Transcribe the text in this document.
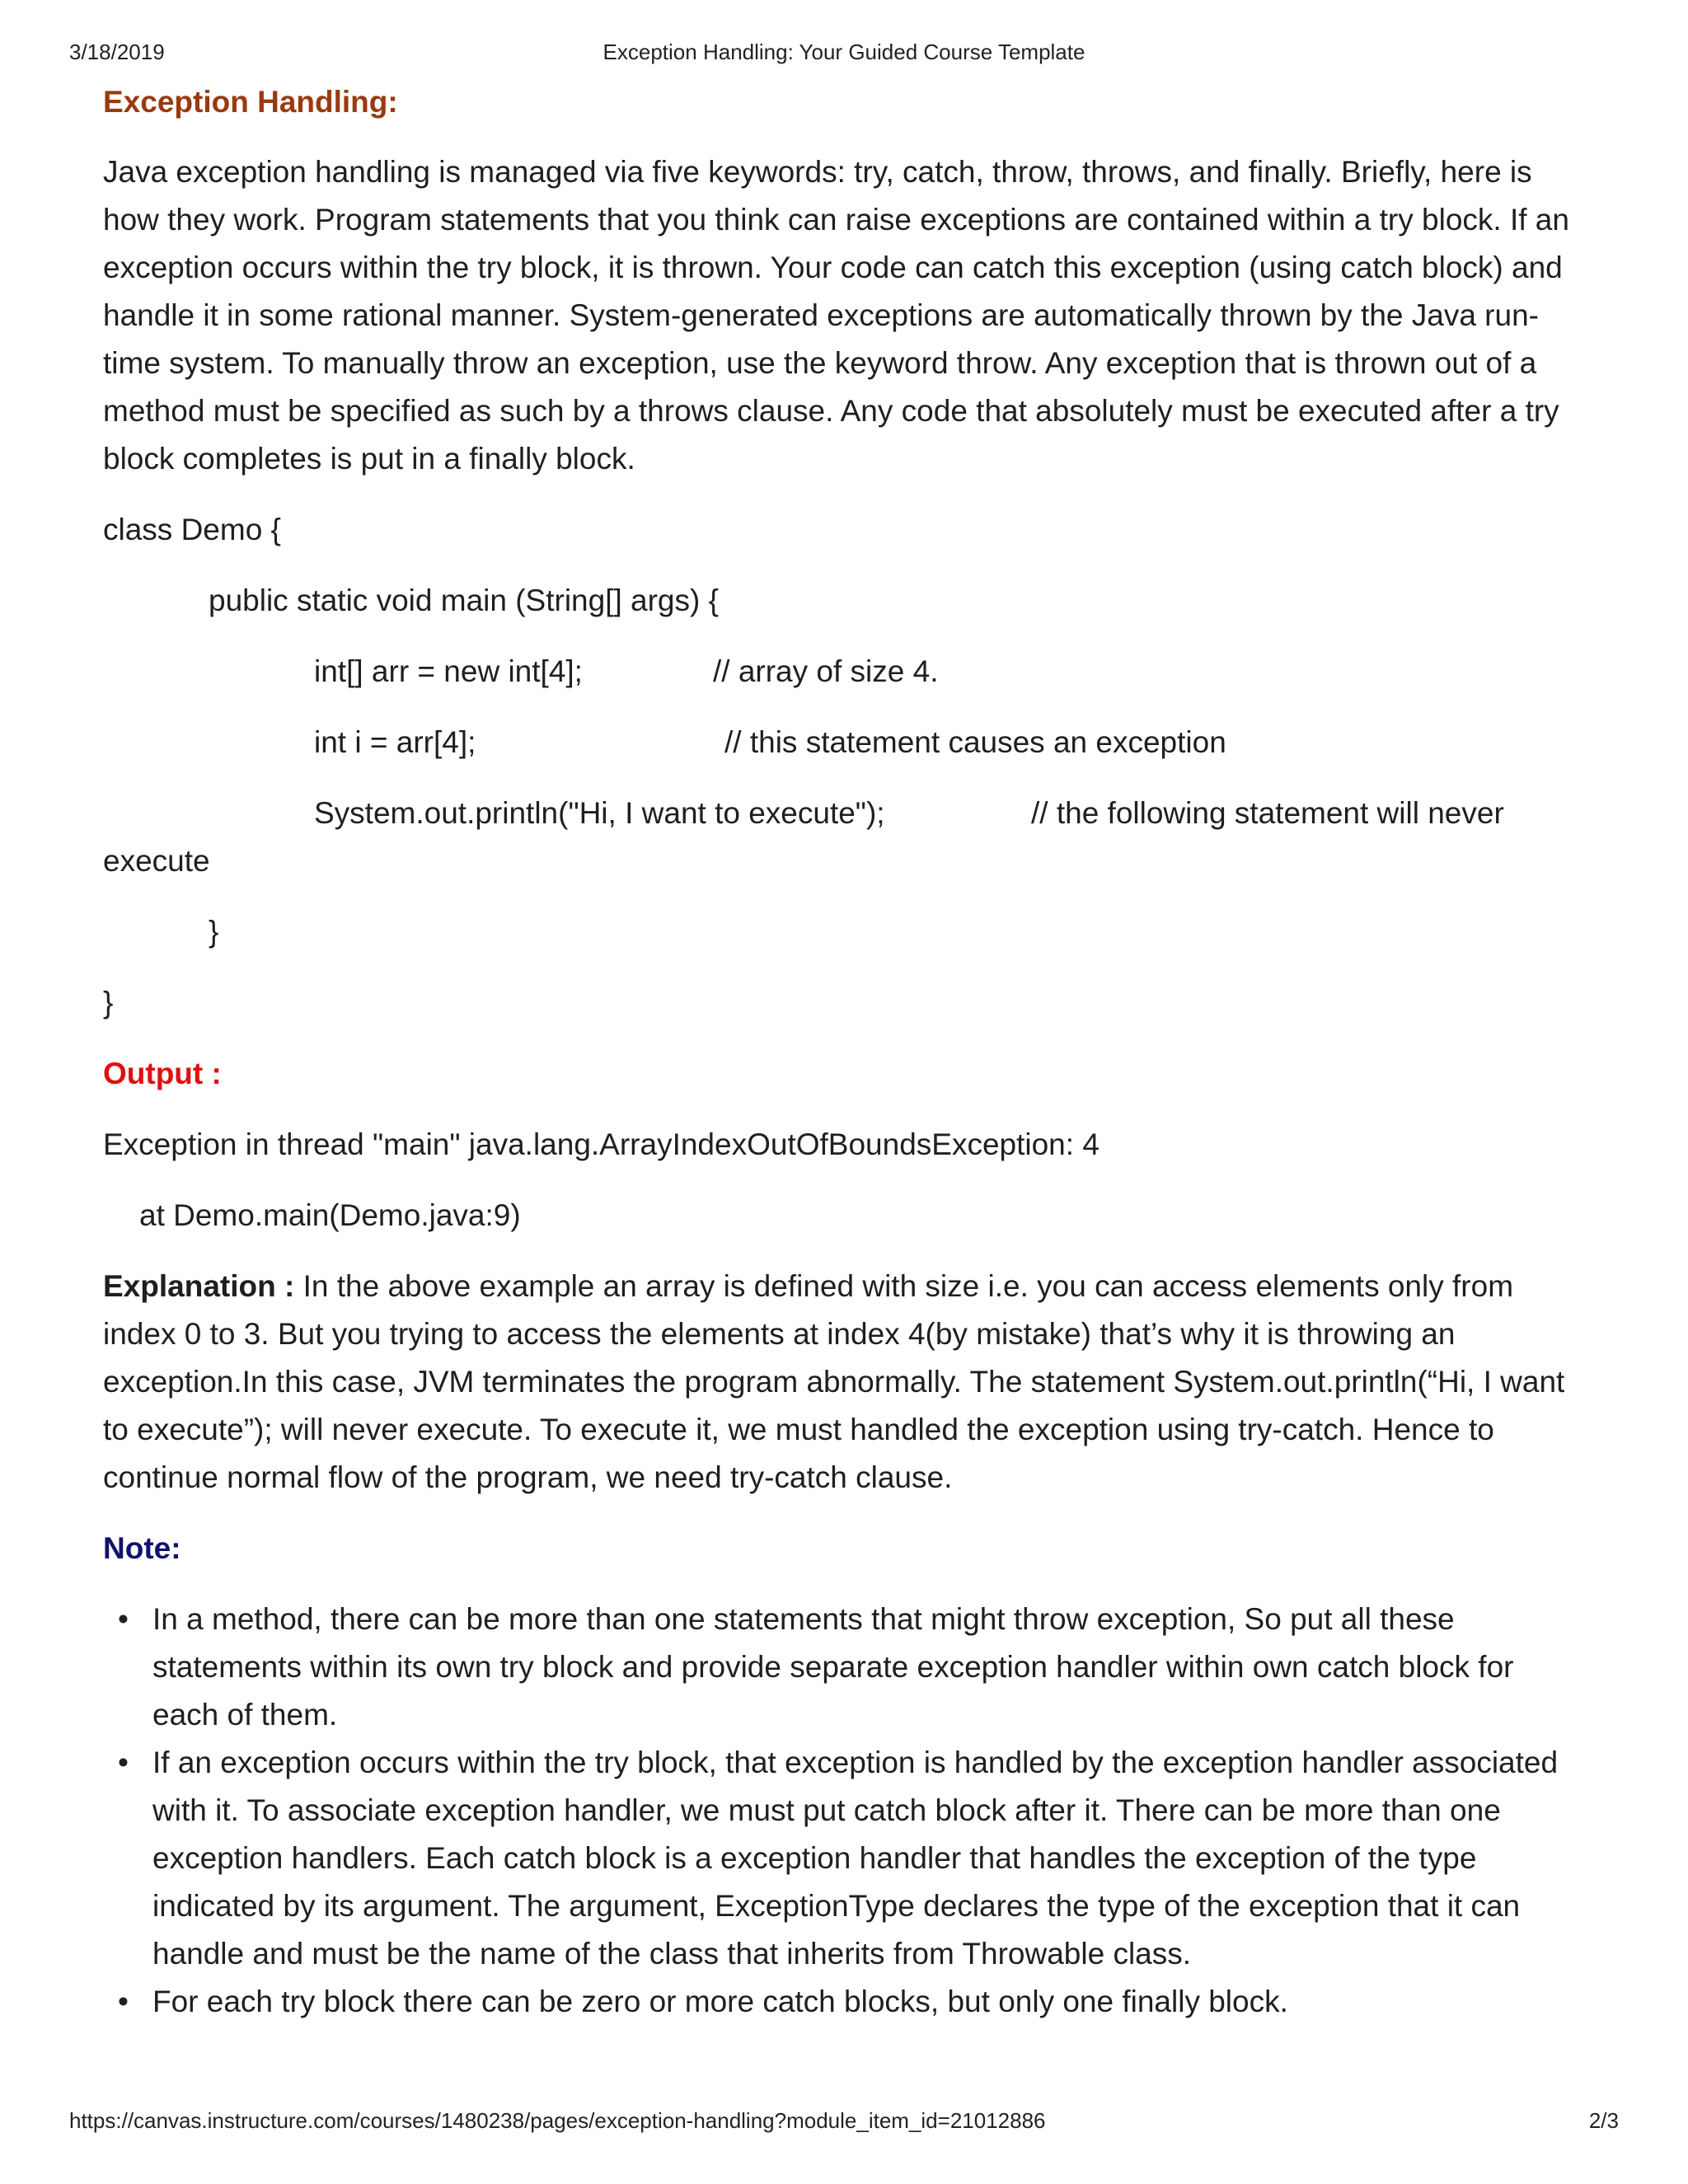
3/18/2019	Exception Handling: Your Guided Course Template

Exception Handling:

Java exception handling is managed via five keywords: try, catch, throw, throws, and finally. Briefly, here is how they work. Program statements that you think can raise exceptions are contained within a try block. If an exception occurs within the try block, it is thrown. Your code can catch this exception (using catch block) and handle it in some rational manner. System-generated exceptions are automatically thrown by the Java run-time system. To manually throw an exception, use the keyword throw. Any exception that is thrown out of a method must be specified as such by a throws clause. Any code that absolutely must be executed after a try block completes is put in a finally block.

class Demo {

public static void main (String[] args) {

int[] arr = new int[4];	// array of size 4.
int i = arr[4];	// this statement causes an exception
System.out.println("Hi, I want to execute");	// the following statement will never
execute

}

}

Output :

Exception in thread "main" java.lang.ArrayIndexOutOfBoundsException: 4

at Demo.main(Demo.java:9)

Explanation : In the above example an array is defined with size i.e. you can access elements only from index 0 to 3. But you trying to access the elements at index 4(by mistake) that’s why it is throwing an exception.In this case, JVM terminates the program abnormally. The statement System.out.println(“Hi, I want to execute”); will never execute. To execute it, we must handled the exception using try-catch. Hence to continue normal flow of the program, we need try-catch clause.

Note:

• In a method, there can be more than one statements that might throw exception, So put all these statements within its own try block and provide separate exception handler within own catch block for each of them.
• If an exception occurs within the try block, that exception is handled by the exception handler associated with it. To associate exception handler, we must put catch block after it. There can be more than one exception handlers. Each catch block is a exception handler that handles the exception of the type indicated by its argument. The argument, ExceptionType declares the type of the exception that it can handle and must be the name of the class that inherits from Throwable class.
• For each try block there can be zero or more catch blocks, but only one finally block.
https://canvas.instructure.com/courses/1480238/pages/exception-handling?module_item_id=21012886	2/3
